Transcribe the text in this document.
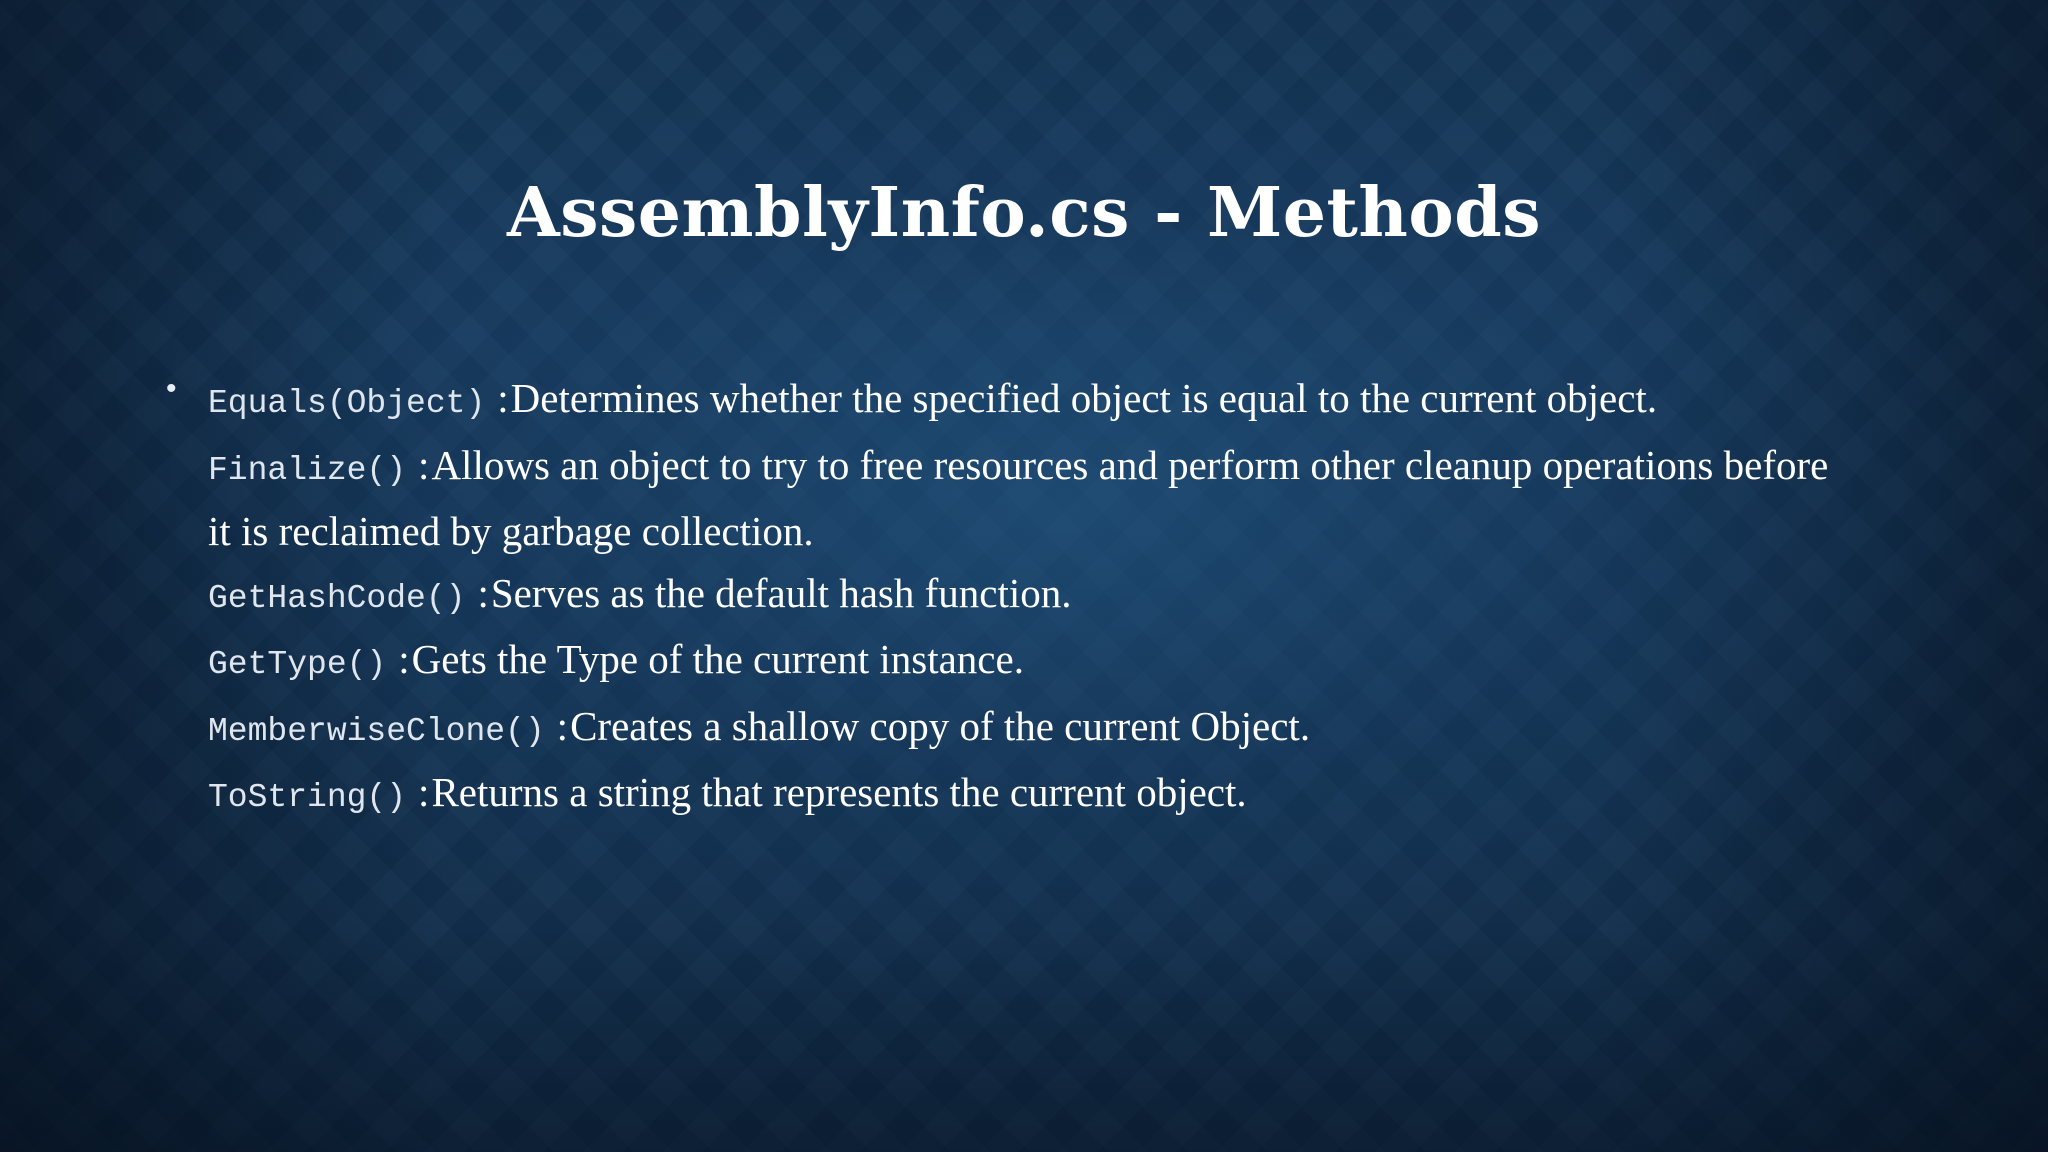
AssemblyInfo.cs - Methods
• Equals(Object) :Determines whether the specified object is equal to the current object.

Finalize() :Allows an object to try to free resources and perform other cleanup operations before it is reclaimed by garbage collection.

GetHashCode() :Serves as the default hash function.

GetType() :Gets the Type of the current instance.

MemberwiseClone() :Creates a shallow copy of the current Object.

ToString() :Returns a string that represents the current object.
